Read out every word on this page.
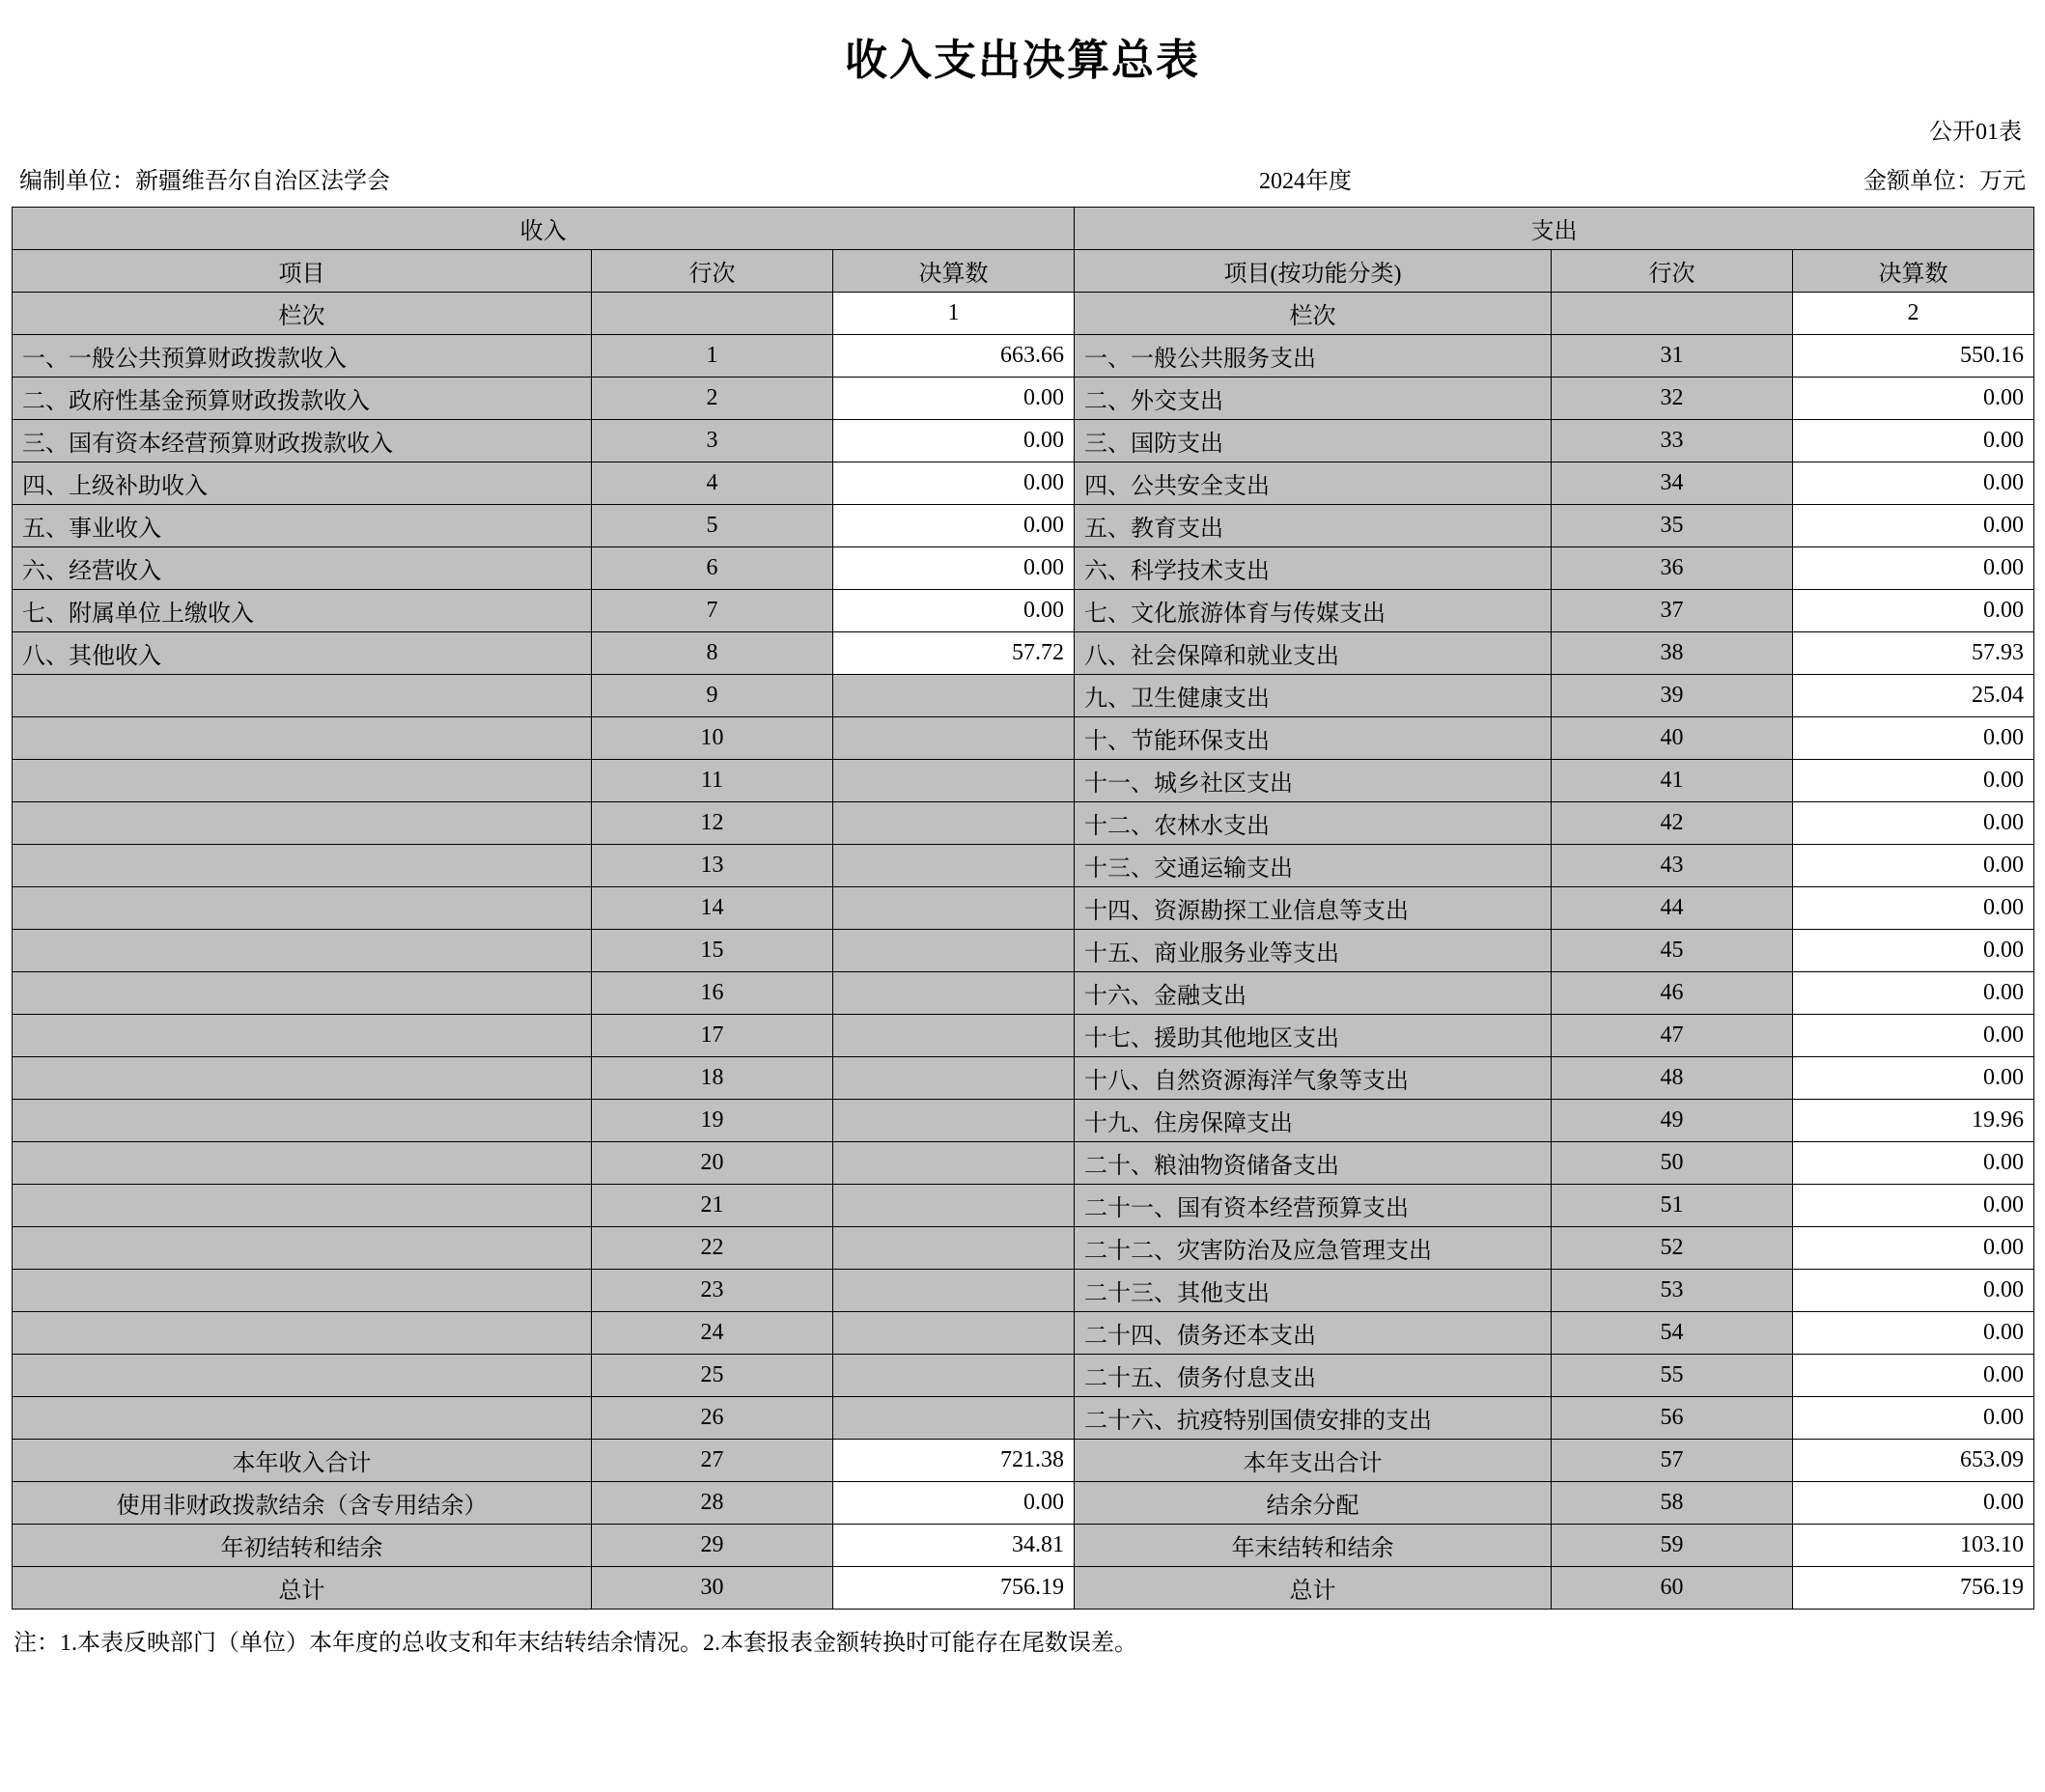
收入支出决算总表
公开01表
编制单位：新疆维吾尔自治区法学会	2024年度	金额单位：万元
收入			支出		
项目	行次	决算数	项目(按功能分类)	行次	决算数
栏次		1	栏次		2
一、一般公共预算财政拨款收入	1	663.66	一、一般公共服务支出	31	550.16
二、政府性基金预算财政拨款收入	2	0.00	二、外交支出	32	0.00
三、国有资本经营预算财政拨款收入	3	0.00	三、国防支出	33	0.00
四、上级补助收入	4	0.00	四、公共安全支出	34	0.00
五、事业收入	5	0.00	五、教育支出	35	0.00
六、经营收入	6	0.00	六、科学技术支出	36	0.00
七、附属单位上缴收入	7	0.00	七、文化旅游体育与传媒支出	37	0.00
八、其他收入	8	57.72	八、社会保障和就业支出	38	57.93
	9		九、卫生健康支出	39	25.04
	10		十、节能环保支出	40	0.00
	11		十一、城乡社区支出	41	0.00
	12		十二、农林水支出	42	0.00
	13		十三、交通运输支出	43	0.00
	14		十四、资源勘探工业信息等支出	44	0.00
	15		十五、商业服务业等支出	45	0.00
	16		十六、金融支出	46	0.00
	17		十七、援助其他地区支出	47	0.00
	18		十八、自然资源海洋气象等支出	48	0.00
	19		十九、住房保障支出	49	19.96
	20		二十、粮油物资储备支出	50	0.00
	21		二十一、国有资本经营预算支出	51	0.00
	22		二十二、灾害防治及应急管理支出	52	0.00
	23		二十三、其他支出	53	0.00
	24		二十四、债务还本支出	54	0.00
	25		二十五、债务付息支出	55	0.00
	26		二十六、抗疫特别国债安排的支出	56	0.00
本年收入合计	27	721.38	本年支出合计	57	653.09
使用非财政拨款结余（含专用结余）	28	0.00	结余分配	58	0.00
年初结转和结余	29	34.81	年末结转和结余	59	103.10
总计	30	756.19	总计	60	756.19
注：1.本表反映部门（单位）本年度的总收支和年末结转结余情况。2.本套报表金额转换时可能存在尾数误差。
